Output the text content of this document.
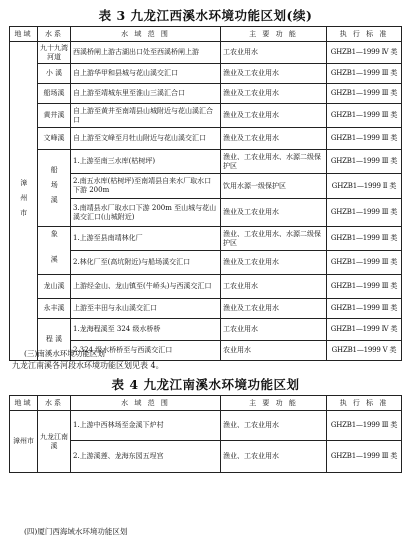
表 3 九龙江西溪水环境功能区划(续)
地域	水系	水 域 范 围	主 要 功 能	执 行 标 准
漳州市	九十九湾河道	西溪桥闸上游古湖出口处至西溪桥闸上游	工农业用水	GHZB1—1999 Ⅳ 类
	小 溪	自上游华甲和县城与花山溪交汇口	渔业及工农业用水	GHZB1—1999 Ⅲ 类
	船场溪	自上游至靖城东里至淮山三溪汇合口	渔业及工农业用水	GHZB1—1999 Ⅲ 类
	黄井溪	自上游至黄井至南靖县山城附近与花山溪汇合口	渔业及工农业用水	GHZB1—1999 Ⅲ 类
	文峰溪	自上游至文峰至月牡山附近与花山溪交汇口	渔业及工农业用水	GHZB1—1999 Ⅲ 类
	船场溪	1.上游至南三水库(枯树坪)	渔业、工农业用水、水源二级保护区	GHZB1—1999 Ⅲ 类
		2.南五水库(枯树坪)至南靖县自来水厂取水口下游 200m	饮用水源一级保护区	GHZB1—1999 Ⅱ 类
		3.南靖县水厂取水口下游 200m 至山城与花山溪交汇口(山城附近)	渔业及工农业用水	GHZB1—1999 Ⅲ 类
	象 溪	1.上游至县南靖林化厂	渔业、工农业用水、水源二级保护区	GHZB1—1999 Ⅲ 类
		2.林化厂至(高坑附近)与船场溪交汇口	渔业及工农业用水	GHZB1—1999 Ⅲ 类
	龙山溪	上游经金山、龙山镇至(牛峤头)与西溪交汇口	工农业用水	GHZB1—1999 Ⅲ 类
	永丰溪	上游至丰田与永山溪交汇口	渔业及工农业用水	GHZB1—1999 Ⅲ 类
	程 溪	1.龙海程溪至 324 级水桥桥	工农业用水	GHZB1—1999 Ⅳ 类
		2.324 级水桥桥至与西溪交汇口	农业用水	GHZB1—1999 Ⅴ 类
(三)南溪水环境功能区划
九龙江南溪各河段水环境功能区划见表 4。
表 4 九龙江南溪水环境功能区划
地域	水系	水 域 范 围	主 要 功 能	执 行 标 准
漳州市	九龙江南溪	1.上游中西林场至金溪下炉村	渔业、工农业用水	GHZB1—1999 Ⅲ 类
		2.上游溪莲、龙海东园五埕宫	渔业、工农业用水	GHZB1—1999 Ⅲ 类
(四)厦门西海域水环境功能区划
